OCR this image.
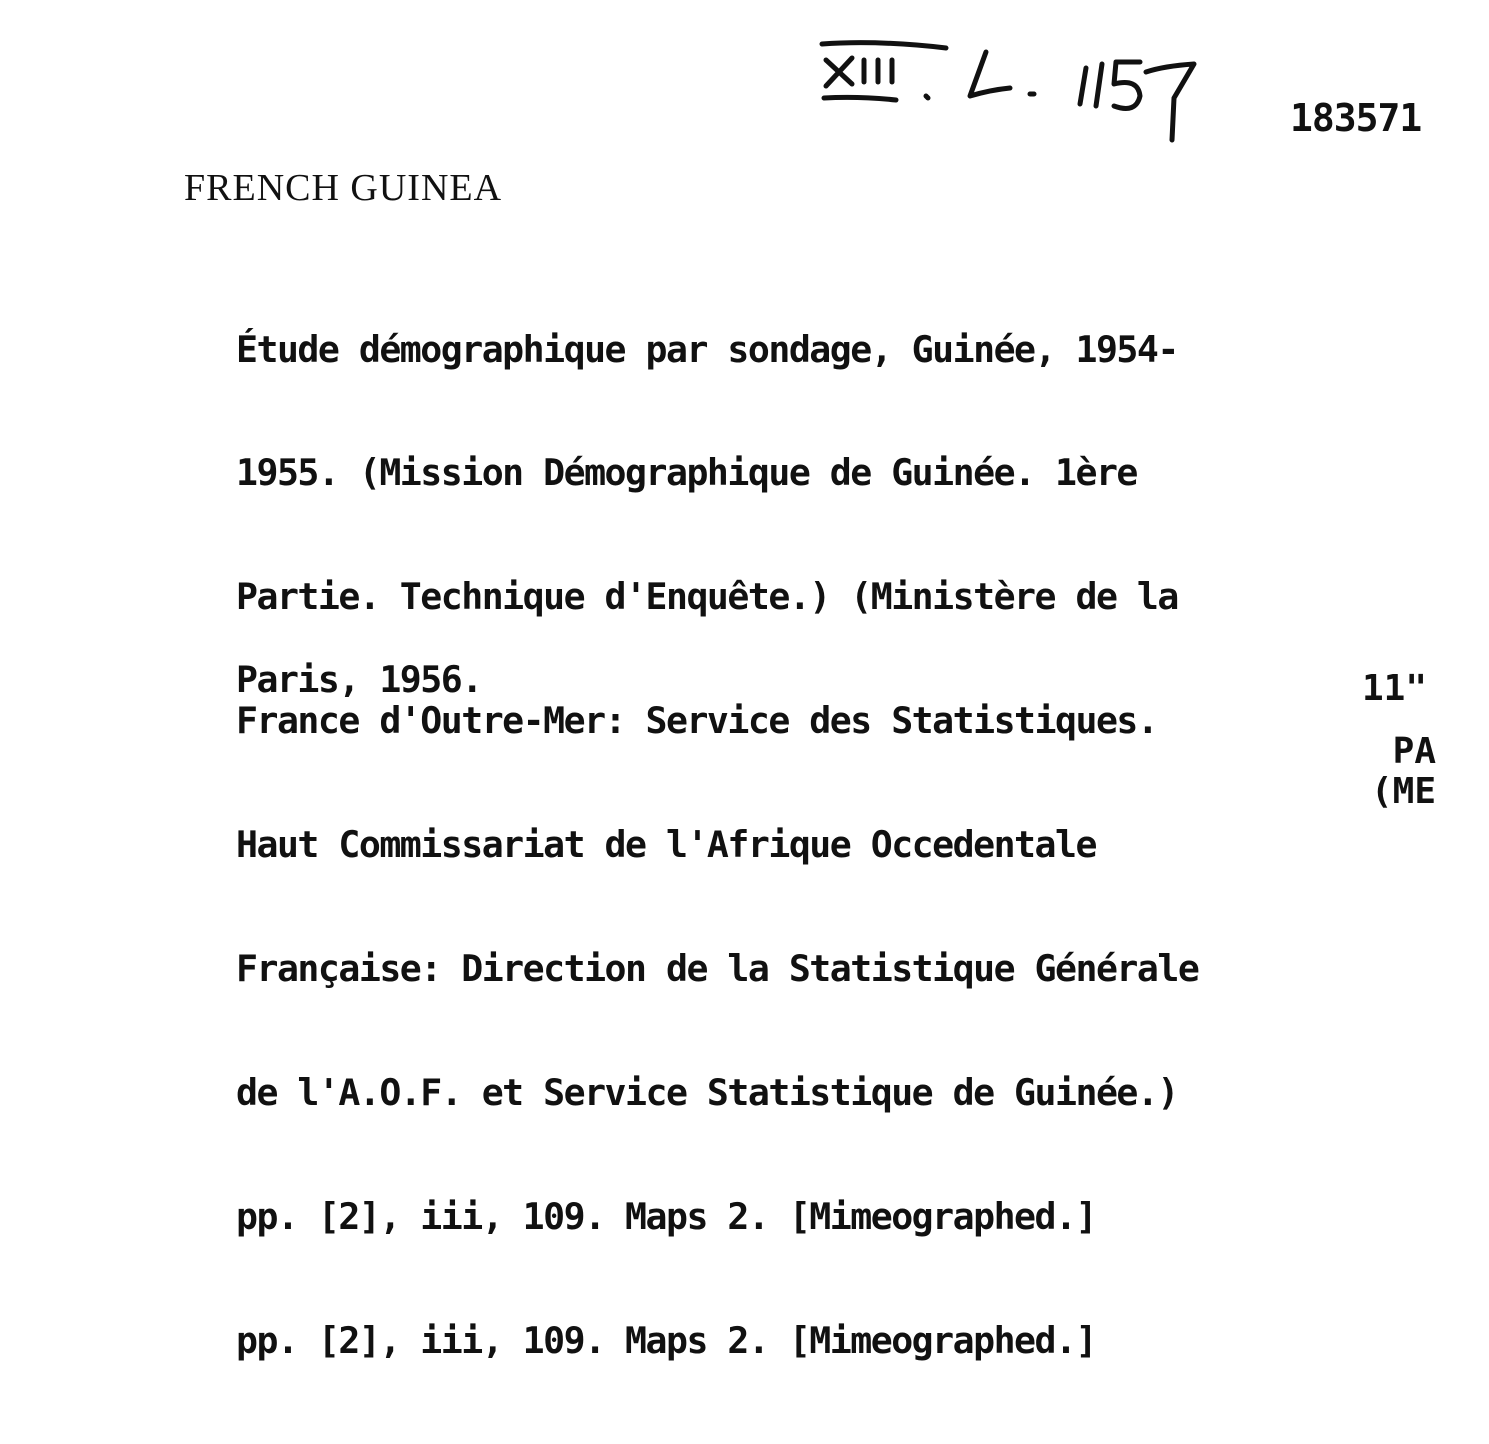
183571
FRENCH GUINEA

Étude démographique par sondage, Guinée, 1954-

1955. (Mission Démographique de Guinée. 1ère

Partie. Technique d'Enquête.) (Ministère de la

France d'Outre-Mer: Service des Statistiques.

Haut Commissariat de l'Afrique Occedentale

Française: Direction de la Statistique Générale

de l'A.O.F. et Service Statistique de Guinée.)

pp. [2], iii, 109. Maps 2. [Mimeographed.]

pp. [2], iii, 109. Maps 2. [Mimeographed.]

Paris, 1956.	11"
PA
(ME
